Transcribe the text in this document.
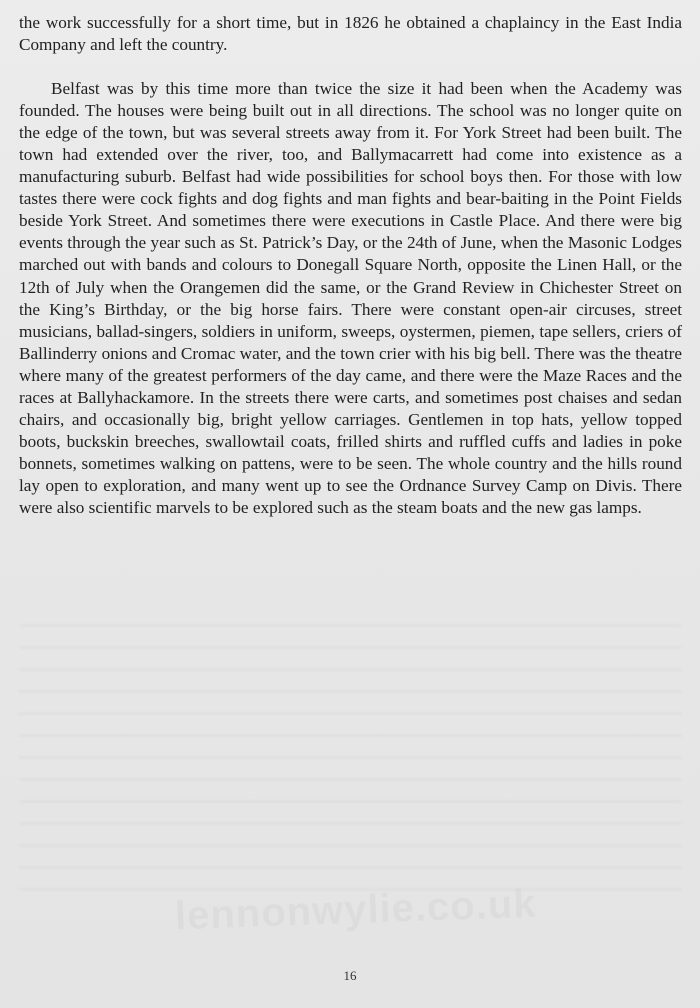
the work successfully for a short time, but in 1826 he obtained a chaplaincy in the East India Company and left the country.

Belfast was by this time more than twice the size it had been when the Academy was founded. The houses were being built out in all directions. The school was no longer quite on the edge of the town, but was several streets away from it. For York Street had been built. The town had extended over the river, too, and Ballymacarrett had come into existence as a manufacturing suburb. Belfast had wide possibilities for school boys then. For those with low tastes there were cock fights and dog fights and man fights and bear-baiting in the Point Fields beside York Street. And sometimes there were executions in Castle Place. And there were big events through the year such as St. Patrick’s Day, or the 24th of June, when the Masonic Lodges marched out with bands and colours to Donegall Square North, opposite the Linen Hall, or the 12th of July when the Orangemen did the same, or the Grand Review in Chichester Street on the King’s Birthday, or the big horse fairs. There were constant open-air circuses, street musicians, ballad-singers, soldiers in uniform, sweeps, oystermen, piemen, tape sellers, criers of Ballinderry onions and Cromac water, and the town crier with his big bell. There was the theatre where many of the greatest performers of the day came, and there were the Maze Races and the races at Ballyhackamore. In the streets there were carts, and sometimes post chaises and sedan chairs, and occasionally big, bright yellow carriages. Gentlemen in top hats, yellow topped boots, buckskin breeches, swallowtail coats, frilled shirts and ruffled cuffs and ladies in poke bonnets, sometimes walking on pattens, were to be seen. The whole country and the hills round lay open to exploration, and many went up to see the Ordnance Survey Camp on Divis. There were also scientific marvels to be explored such as the steam boats and the new gas lamps.

lennonwylie.co.uk
16
